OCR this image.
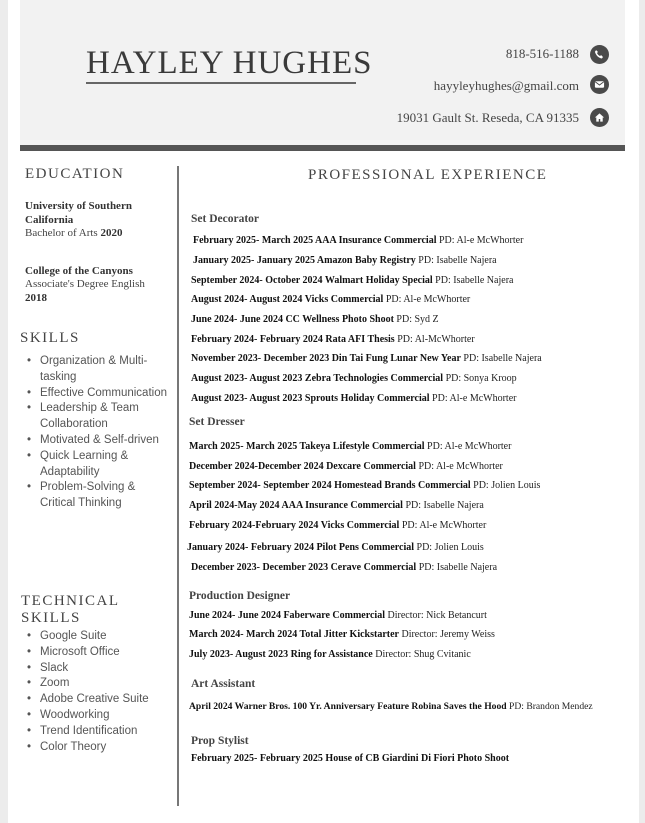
HAYLEY HUGHES	818-516-1188
hayyleyhughes@gmail.com
19031 Gault St. Reseda, CA 91335
EDUCATION
University of Southern
California
Bachelor of Arts 2020
College of the Canyons
Associate's Degree English
2018
SKILLS
• Organization & Multi-tasking
• Effective Communication
• Leadership & Team Collaboration
• Motivated & Self-driven
• Quick Learning & Adaptability
• Problem-Solving & Critical Thinking
TECHNICAL
SKILLS
• Google Suite
• Microsoft Office
• Slack
• Zoom
• Adobe Creative Suite
• Woodworking
• Trend Identification
• Color Theory
PROFESSIONAL EXPERIENCE
Set Decorator
February 2025- March 2025 AAA Insurance Commercial PD: Al-e McWhorter
January 2025- January 2025 Amazon Baby Registry PD: Isabelle Najera
September 2024- October 2024 Walmart Holiday Special PD: Isabelle Najera
August 2024- August 2024 Vicks Commercial PD: Al-e McWhorter
June 2024- June 2024 CC Wellness Photo Shoot PD: Syd Z
February 2024- February 2024 Rata AFI Thesis PD: Al-McWhorter
November 2023- December 2023 Din Tai Fung Lunar New Year PD: Isabelle Najera
August 2023- August 2023 Zebra Technologies Commercial PD: Sonya Kroop
August 2023- August 2023 Sprouts Holiday Commercial PD: Al-e McWhorter
Set Dresser
March 2025- March 2025 Takeya Lifestyle Commercial PD: Al-e McWhorter
December 2024-December 2024 Dexcare Commercial PD: Al-e McWhorter
September 2024- September 2024 Homestead Brands Commercial PD: Jolien Louis
April 2024-May 2024 AAA Insurance Commercial PD: Isabelle Najera
February 2024-February 2024 Vicks Commercial PD: Al-e McWhorter
January 2024- February 2024 Pilot Pens Commercial PD: Jolien Louis
December 2023- December 2023 Cerave Commercial PD: Isabelle Najera
Production Designer
June 2024- June 2024 Faberware Commercial Director: Nick Betancurt
March 2024- March 2024 Total Jitter Kickstarter Director: Jeremy Weiss
July 2023- August 2023 Ring for Assistance Director: Shug Cvitanic
Art Assistant
April 2024 Warner Bros. 100 Yr. Anniversary Feature Robina Saves the Hood PD: Brandon Mendez
Prop Stylist
February 2025- February 2025 House of CB Giardini Di Fiori Photo Shoot
